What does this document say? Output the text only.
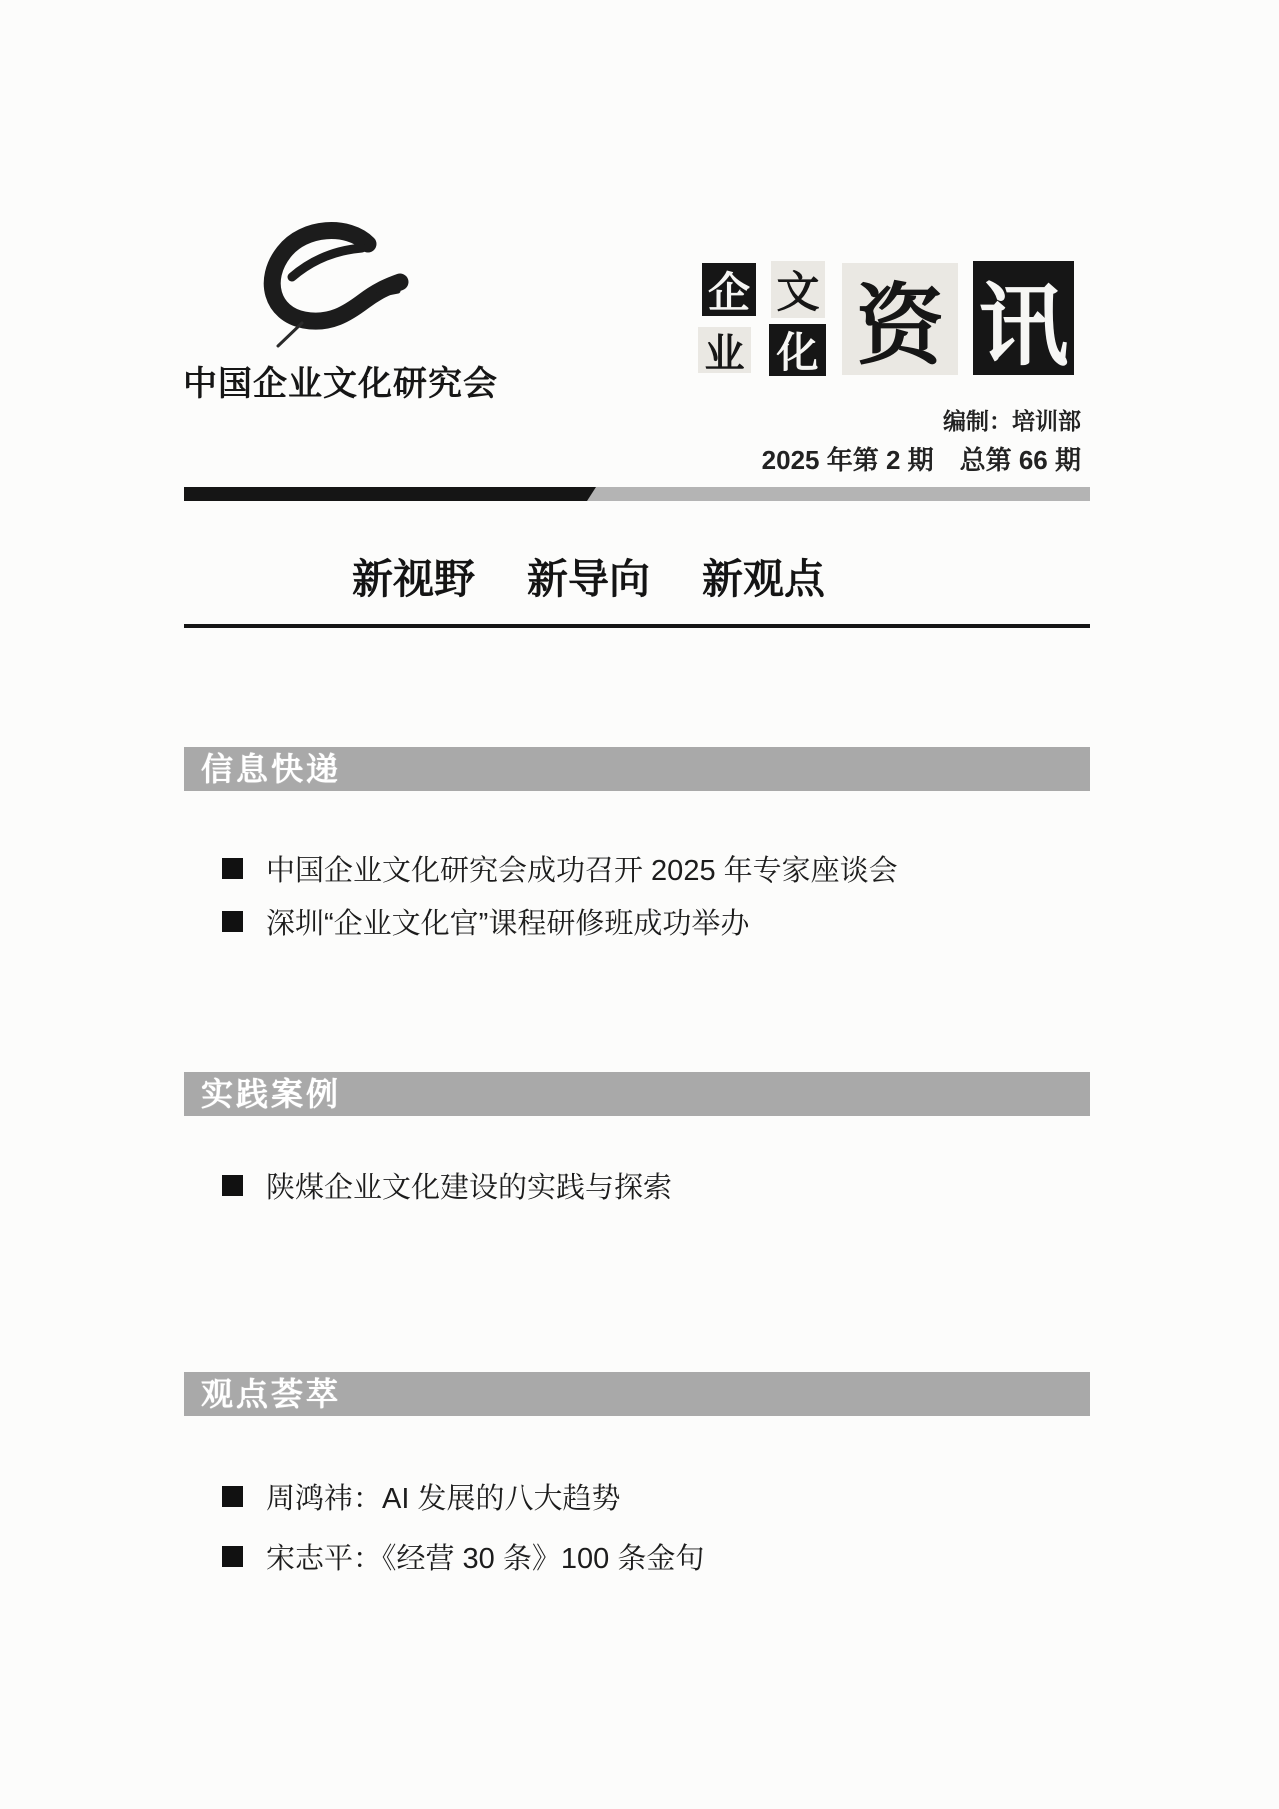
中国企业文化研究会
企
业
文
化 资 讯
编制：培训部
2025 年第 2 期　总第 66 期
新视野 新导向 新观点
信息快递
中国企业文化研究会成功召开 2025 年专家座谈会
深圳“企业文化官”课程研修班成功举办
实践案例
陕煤企业文化建设的实践与探索
观点荟萃
周鸿祎：AI 发展的八大趋势
宋志平：《经营 30 条》100 条金句
